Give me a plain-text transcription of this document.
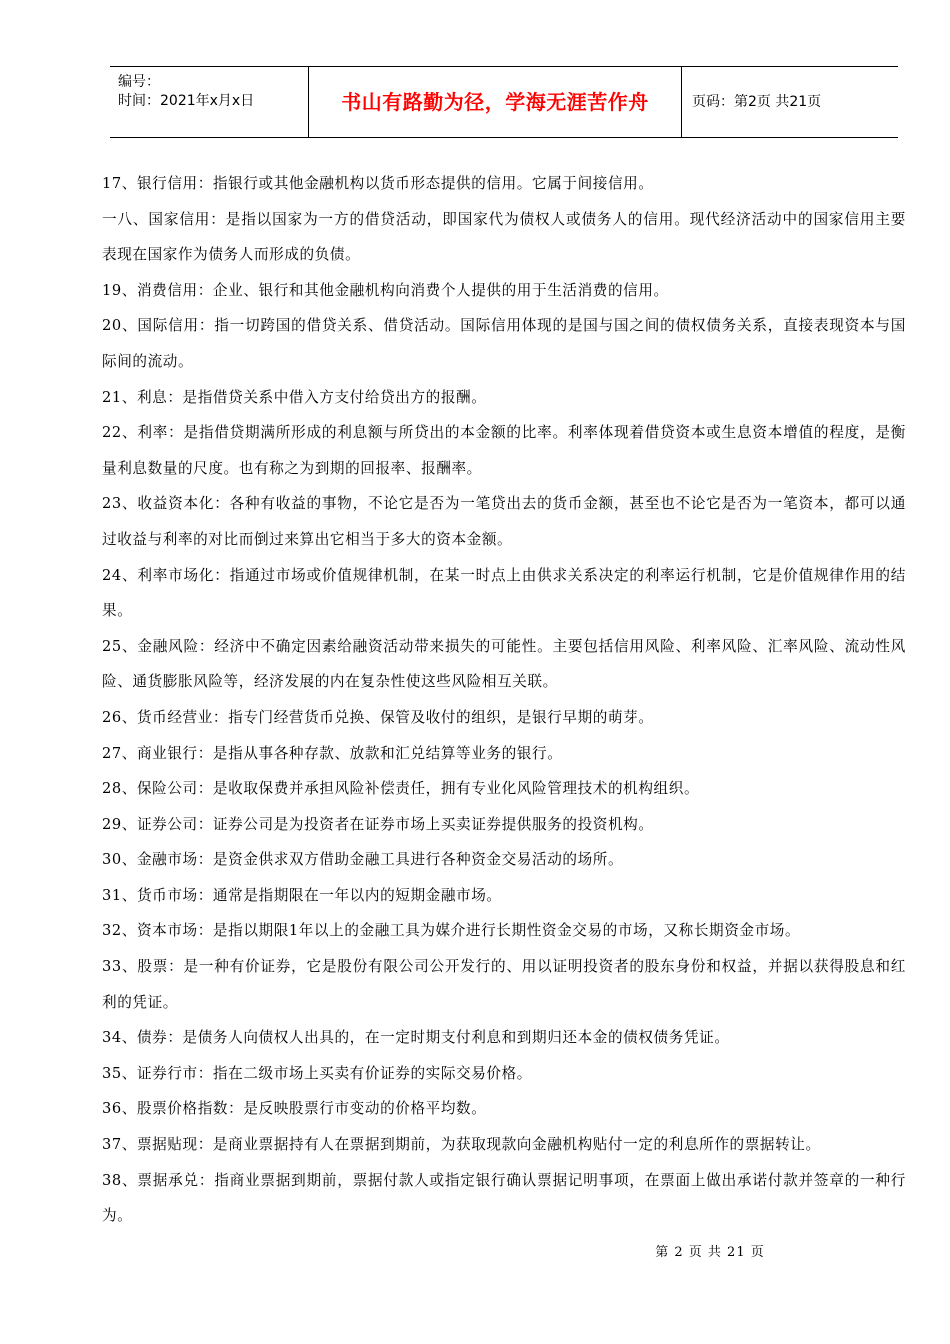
编号：
时间：2021年x月x日	书山有路勤为径，学海无涯苦作舟	页码：第2页 共21页

17、银行信用：指银行或其他金融机构以货币形态提供的信用。它属于间接信用。

一八、国家信用：是指以国家为一方的借贷活动，即国家代为债权人或债务人的信用。现代经济活动中的国家信用主要表现在国家作为债务人而形成的负债。

19、消费信用：企业、银行和其他金融机构向消费个人提供的用于生活消费的信用。

20、国际信用：指一切跨国的借贷关系、借贷活动。国际信用体现的是国与国之间的债权债务关系，直接表现资本与国际间的流动。

21、利息：是指借贷关系中借入方支付给贷出方的报酬。

22、利率：是指借贷期满所形成的利息额与所贷出的本金额的比率。利率体现着借贷资本或生息资本增值的程度，是衡量利息数量的尺度。也有称之为到期的回报率、报酬率。

23、收益资本化：各种有收益的事物，不论它是否为一笔贷出去的货币金额，甚至也不论它是否为一笔资本，都可以通过收益与利率的对比而倒过来算出它相当于多大的资本金额。

24、利率市场化：指通过市场或价值规律机制，在某一时点上由供求关系决定的利率运行机制，它是价值规律作用的结果。

25、金融风险：经济中不确定因素给融资活动带来损失的可能性。主要包括信用风险、利率风险、汇率风险、流动性风险、通货膨胀风险等，经济发展的内在复杂性使这些风险相互关联。

26、货币经营业：指专门经营货币兑换、保管及收付的组织，是银行早期的萌芽。

27、商业银行：是指从事各种存款、放款和汇兑结算等业务的银行。

28、保险公司：是收取保费并承担风险补偿责任，拥有专业化风险管理技术的机构组织。

29、证券公司：证券公司是为投资者在证券市场上买卖证券提供服务的投资机构。

30、金融市场：是资金供求双方借助金融工具进行各种资金交易活动的场所。

31、货币市场：通常是指期限在一年以内的短期金融市场。

32、资本市场：是指以期限1年以上的金融工具为媒介进行长期性资金交易的市场，又称长期资金市场。

33、股票：是一种有价证券，它是股份有限公司公开发行的、用以证明投资者的股东身份和权益，并据以获得股息和红利的凭证。

34、债券：是债务人向债权人出具的，在一定时期支付利息和到期归还本金的债权债务凭证。

35、证券行市：指在二级市场上买卖有价证券的实际交易价格。

36、股票价格指数：是反映股票行市变动的价格平均数。

37、票据贴现：是商业票据持有人在票据到期前，为获取现款向金融机构贴付一定的利息所作的票据转让。

38、票据承兑：指商业票据到期前，票据付款人或指定银行确认票据记明事项，在票面上做出承诺付款并签章的一种行为。

第 2 页 共 21 页
